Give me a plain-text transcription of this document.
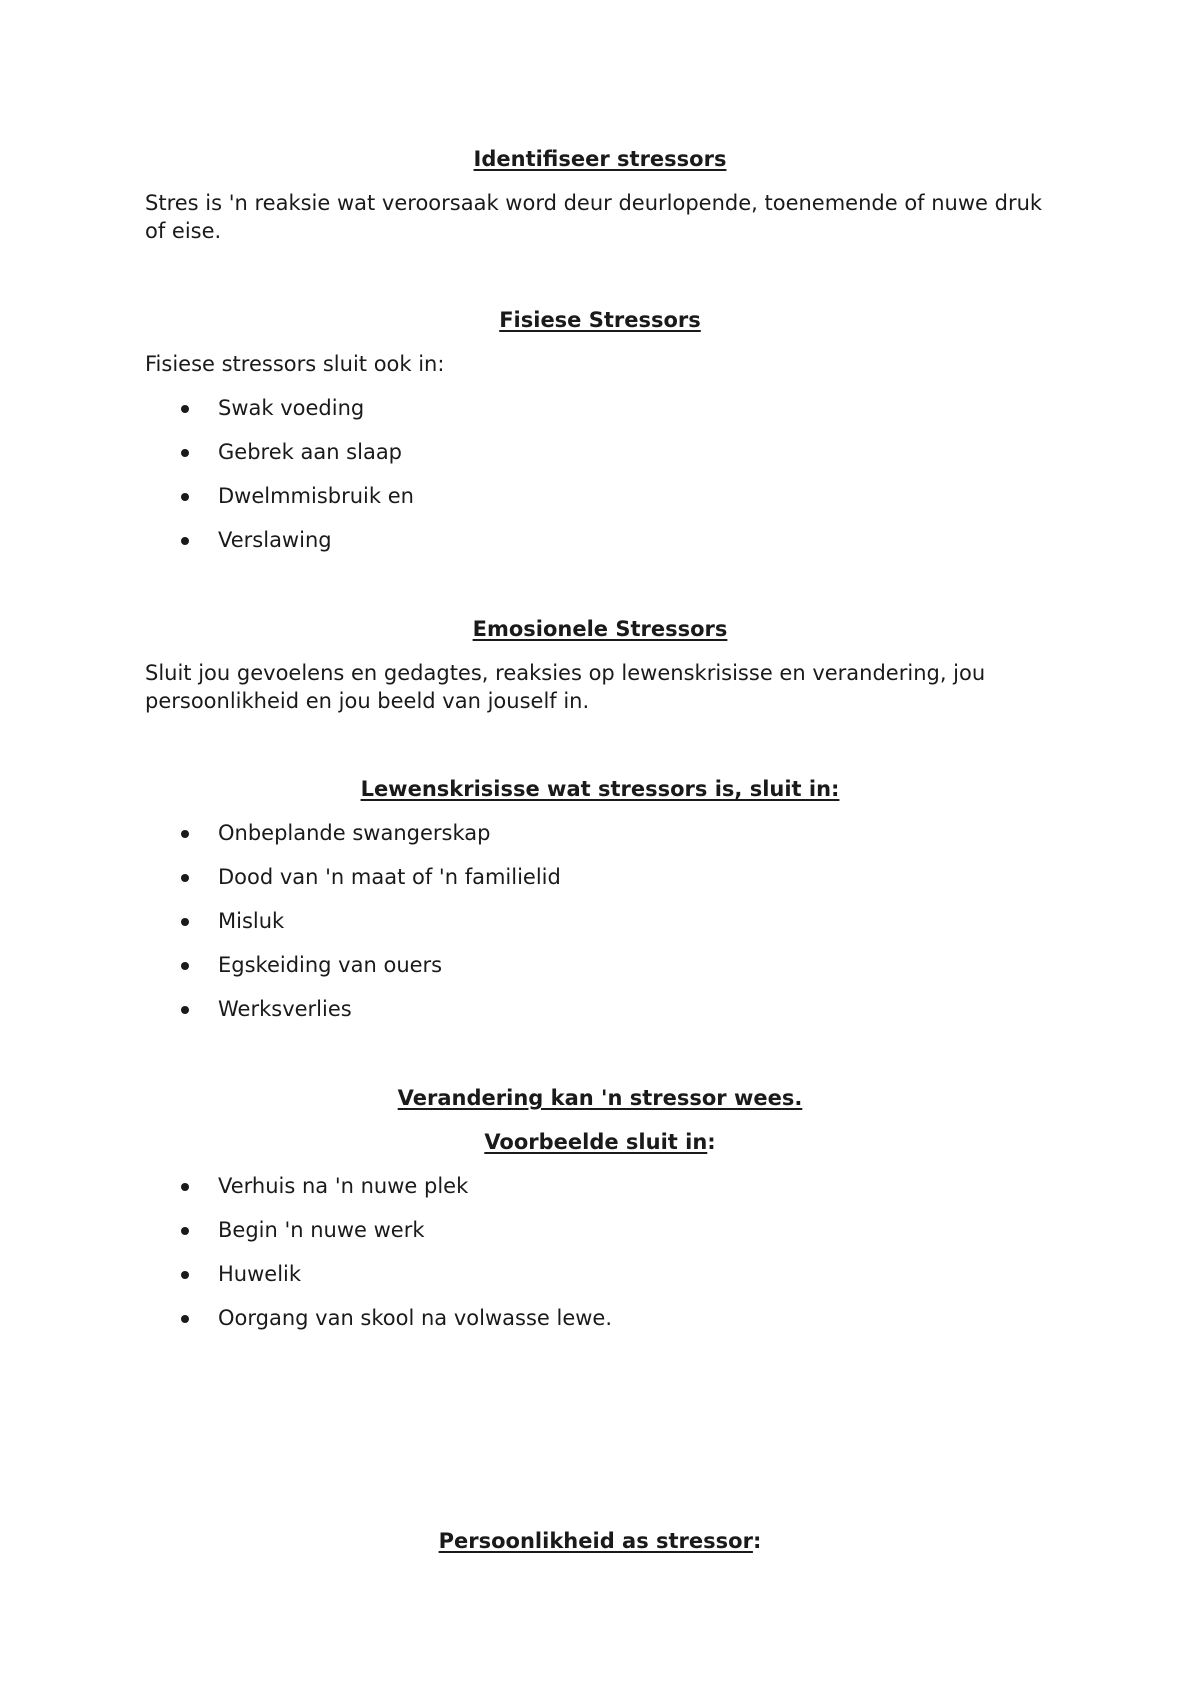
Identifiseer stressors
Stres is 'n reaksie wat veroorsaak word deur deurlopende, toenemende of nuwe druk of eise.
Fisiese Stressors
Fisiese stressors sluit ook in:
Swak voeding
Gebrek aan slaap
Dwelmmisbruik en
Verslawing
Emosionele Stressors
Sluit jou gevoelens en gedagtes, reaksies op lewenskrisisse en verandering, jou persoonlikheid en jou beeld van jouself in.
Lewenskrisisse wat stressors is, sluit in:
Onbeplande swangerskap
Dood van 'n maat of 'n familielid
Misluk
Egskeiding van ouers
Werksverlies
Verandering kan 'n stressor wees.
Voorbeelde sluit in:
Verhuis na 'n nuwe plek
Begin 'n nuwe werk
Huwelik
Oorgang van skool na volwasse lewe.
Persoonlikheid as stressor:
